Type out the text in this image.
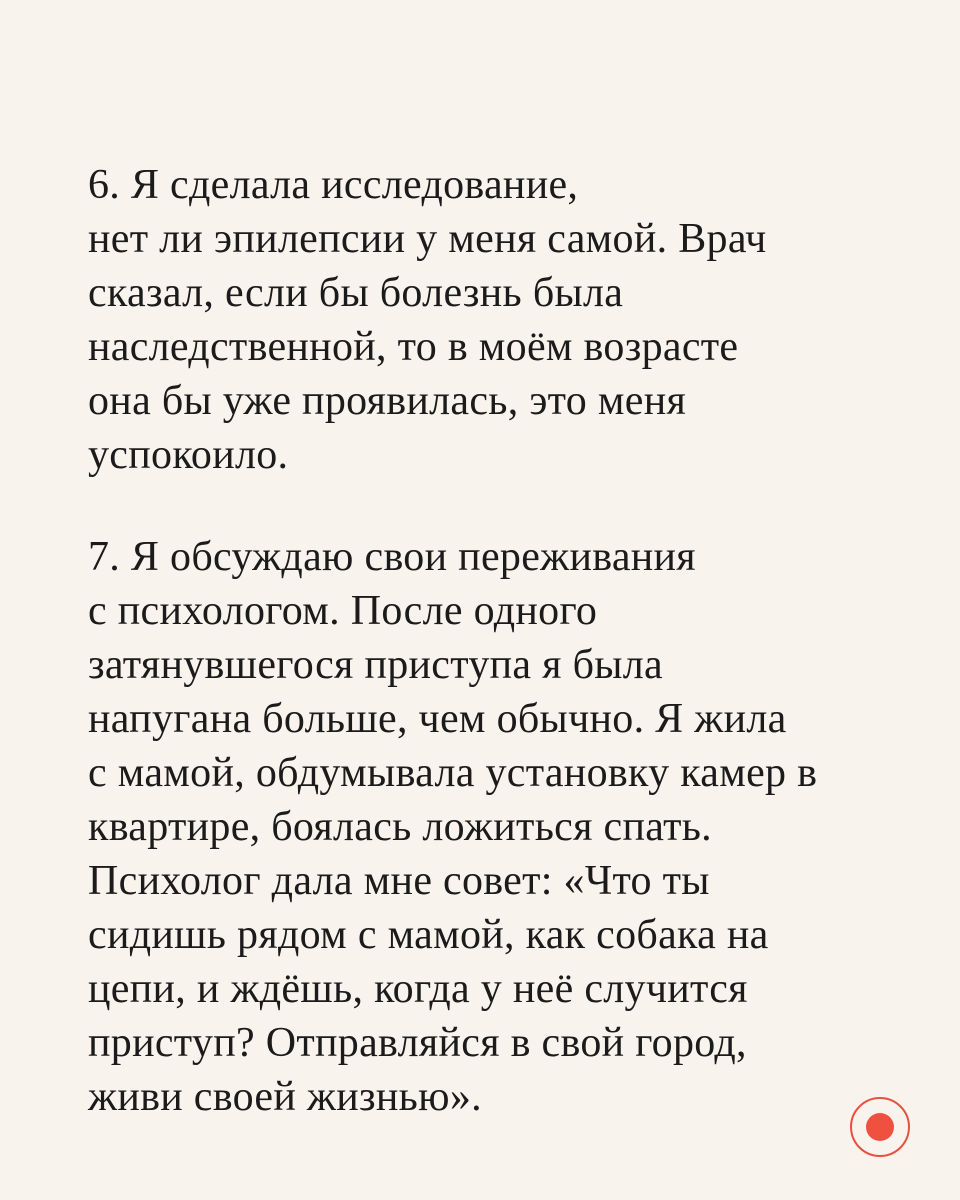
6. Я сделала исследование,
нет ли эпилепсии у меня самой. Врач
сказал, если бы болезнь была
наследственной, то в моём возрасте
она бы уже проявилась, это меня
успокоило.

7. Я обсуждаю свои переживания
с психологом. После одного
затянувшегося приступа я была
напугана больше, чем обычно. Я жила
с мамой, обдумывала установку камер в
квартире, боялась ложиться спать.
Психолог дала мне совет: «Что ты
сидишь рядом с мамой, как собака на
цепи, и ждёшь, когда у неё случится
приступ? Отправляйся в свой город,
живи своей жизнью».
